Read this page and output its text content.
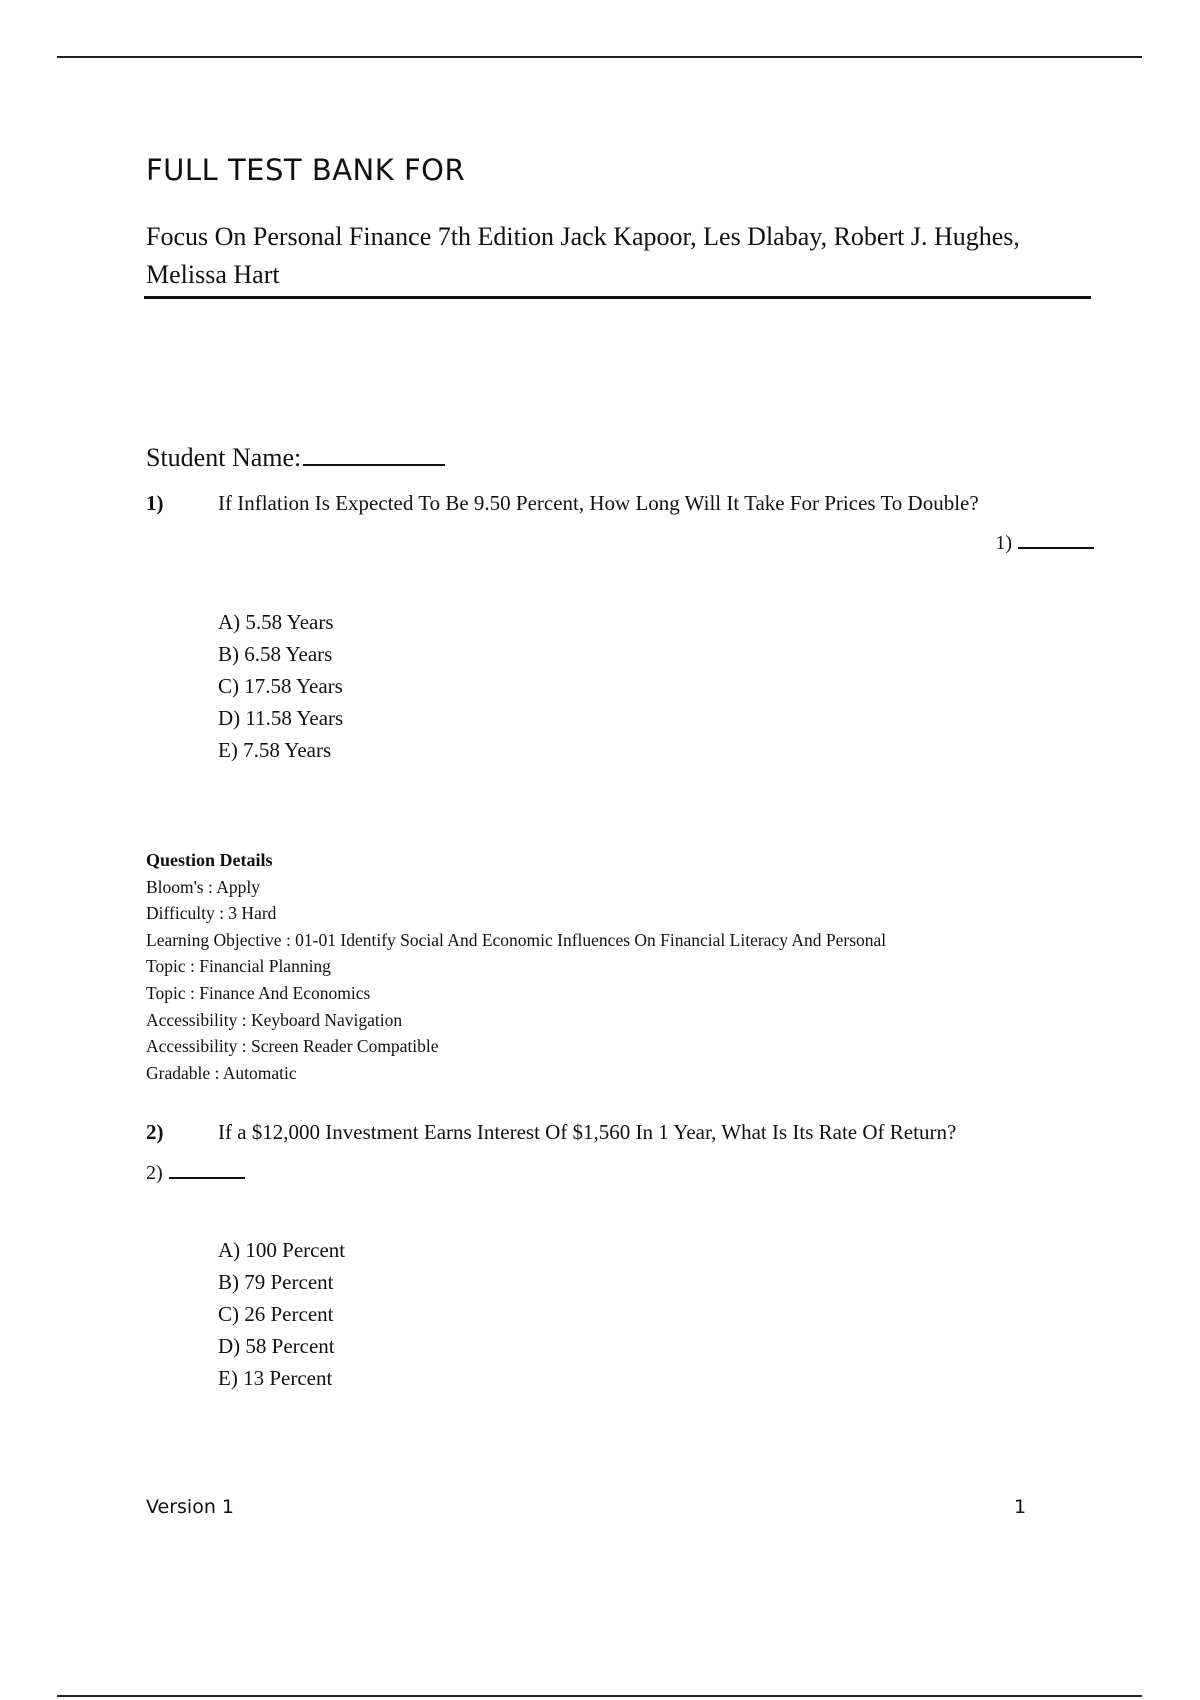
FULL TEST BANK FOR

Focus On Personal Finance 7th Edition Jack Kapoor, Les Dlabay, Robert J. Hughes, Melissa Hart

Student Name:
1)	If Inflation Is Expected To Be 9.50 Percent, How Long Will It Take For Prices To Double?
1)
A) 5.58 Years
B) 6.58 Years
C) 17.58 Years
D) 11.58 Years
E) 7.58 Years
Question Details
Bloom's : Apply
Difficulty : 3 Hard
Learning Objective : 01-01 Identify Social And Economic Influences On Financial Literacy And Personal
Topic : Financial Planning
Topic : Finance And Economics
Accessibility : Keyboard Navigation
Accessibility : Screen Reader Compatible
Gradable : Automatic
2)	If a $12,000 Investment Earns Interest Of $1,560 In 1 Year, What Is Its Rate Of Return?
2)
A) 100 Percent
B) 79 Percent
C) 26 Percent
D) 58 Percent
E) 13 Percent
Version 1	1
